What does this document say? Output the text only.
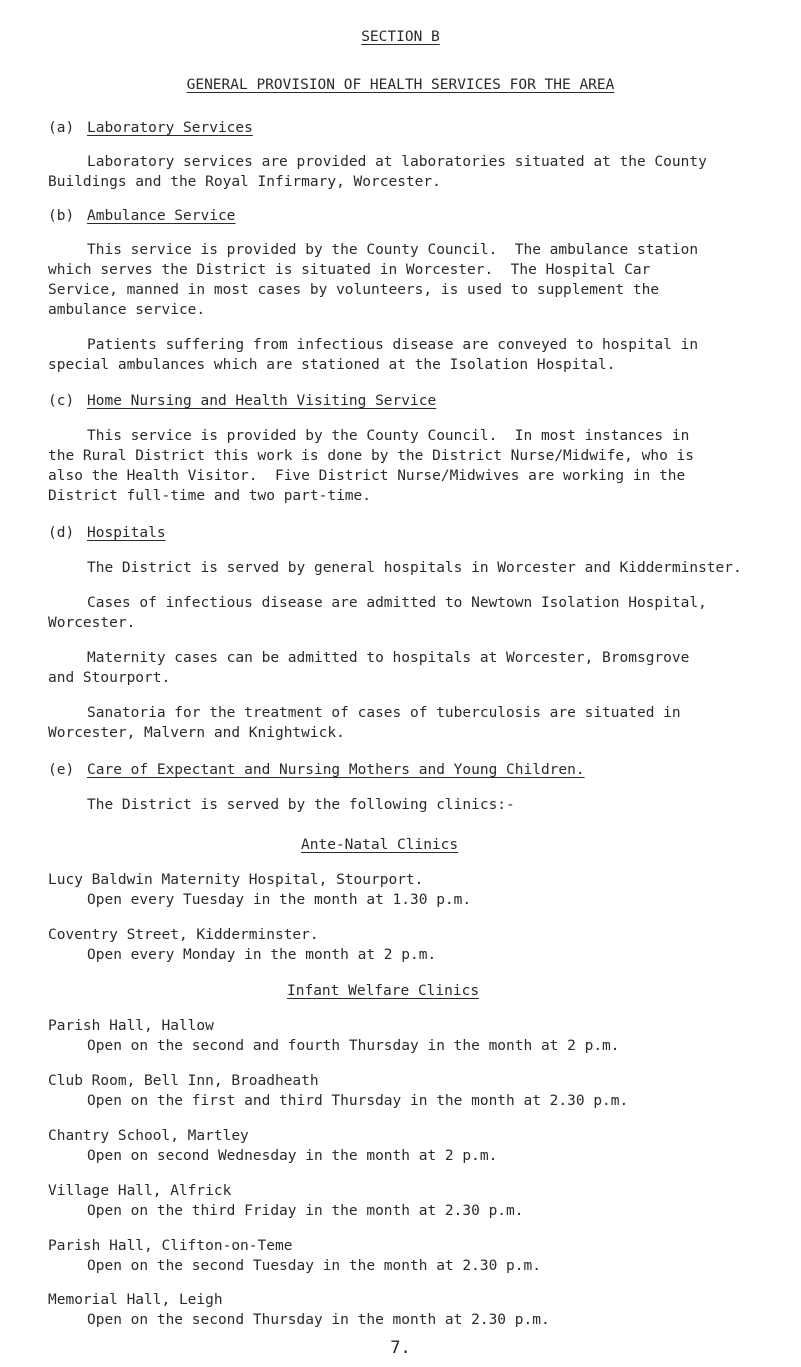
SECTION B
GENERAL PROVISION OF HEALTH SERVICES FOR THE AREA
(a) Laboratory Services
Laboratory services are provided at laboratories situated at the County
Buildings and the Royal Infirmary, Worcester.
(b) Ambulance Service
This service is provided by the County Council.  The ambulance station
which serves the District is situated in Worcester.  The Hospital Car
Service, manned in most cases by volunteers, is used to supplement the
ambulance service.
Patients suffering from infectious disease are conveyed to hospital in
special ambulances which are stationed at the Isolation Hospital.
(c) Home Nursing and Health Visiting Service
This service is provided by the County Council.  In most instances in
the Rural District this work is done by the District Nurse/Midwife, who is
also the Health Visitor.  Five District Nurse/Midwives are working in the
District full-time and two part-time.
(d) Hospitals
The District is served by general hospitals in Worcester and Kidderminster.
Cases of infectious disease are admitted to Newtown Isolation Hospital,
Worcester.
Maternity cases can be admitted to hospitals at Worcester, Bromsgrove
and Stourport.
Sanatoria for the treatment of cases of tuberculosis are situated in
Worcester, Malvern and Knightwick.
(e) Care of Expectant and Nursing Mothers and Young Children.
The District is served by the following clinics:-
Ante-Natal Clinics
Lucy Baldwin Maternity Hospital, Stourport.
Open every Tuesday in the month at 1.30 p.m.
Coventry Street, Kidderminster.
Open every Monday in the month at 2 p.m.
Infant Welfare Clinics
Parish Hall, Hallow
Open on the second and fourth Thursday in the month at 2 p.m.
Club Room, Bell Inn, Broadheath
Open on the first and third Thursday in the month at 2.30 p.m.
Chantry School, Martley
Open on second Wednesday in the month at 2 p.m.
Village Hall, Alfrick
Open on the third Friday in the month at 2.30 p.m.
Parish Hall, Clifton-on-Teme
Open on the second Tuesday in the month at 2.30 p.m.
Memorial Hall, Leigh
Open on the second Thursday in the month at 2.30 p.m.
7.
